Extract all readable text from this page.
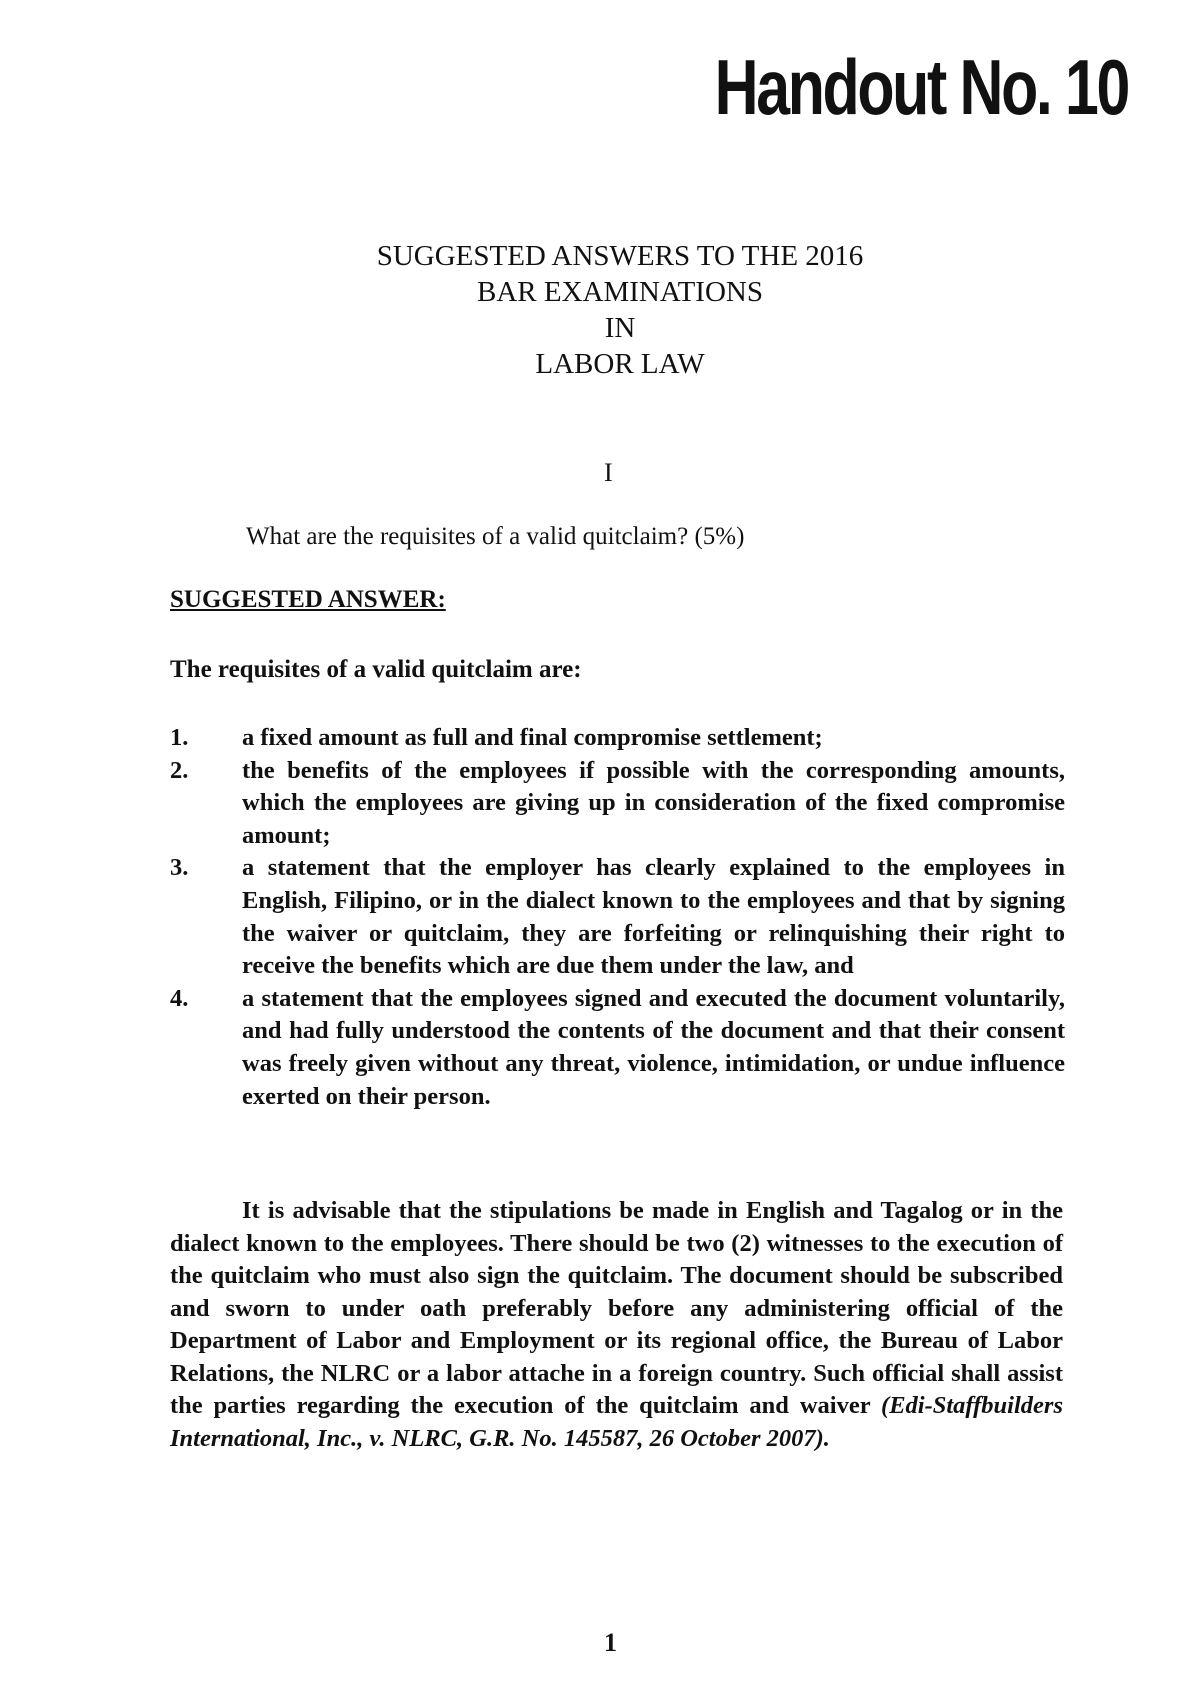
Handout No. 10
SUGGESTED ANSWERS TO THE 2016
BAR EXAMINATIONS
IN
LABOR LAW
I
What are the requisites of a valid quitclaim? (5%)
SUGGESTED ANSWER:
The requisites of a valid quitclaim are:
1. a fixed amount as full and final compromise settlement;
2. the benefits of the employees if possible with the corresponding amounts, which the employees are giving up in consideration of the fixed compromise amount;
3. a statement that the employer has clearly explained to the employees in English, Filipino, or in the dialect known to the employees and that by signing the waiver or quitclaim, they are forfeiting or relinquishing their right to receive the benefits which are due them under the law, and
4. a statement that the employees signed and executed the document voluntarily, and had fully understood the contents of the document and that their consent was freely given without any threat, violence, intimidation, or undue influence exerted on their person.

It is advisable that the stipulations be made in English and Tagalog or in the dialect known to the employees. There should be two (2) witnesses to the execution of the quitclaim who must also sign the quitclaim. The document should be subscribed and sworn to under oath preferably before any administering official of the Department of Labor and Employment or its regional office, the Bureau of Labor Relations, the NLRC or a labor attache in a foreign country. Such official shall assist the parties regarding the execution of the quitclaim and waiver (Edi-Staffbuilders International, Inc., v. NLRC, G.R. No. 145587, 26 October 2007).

1
